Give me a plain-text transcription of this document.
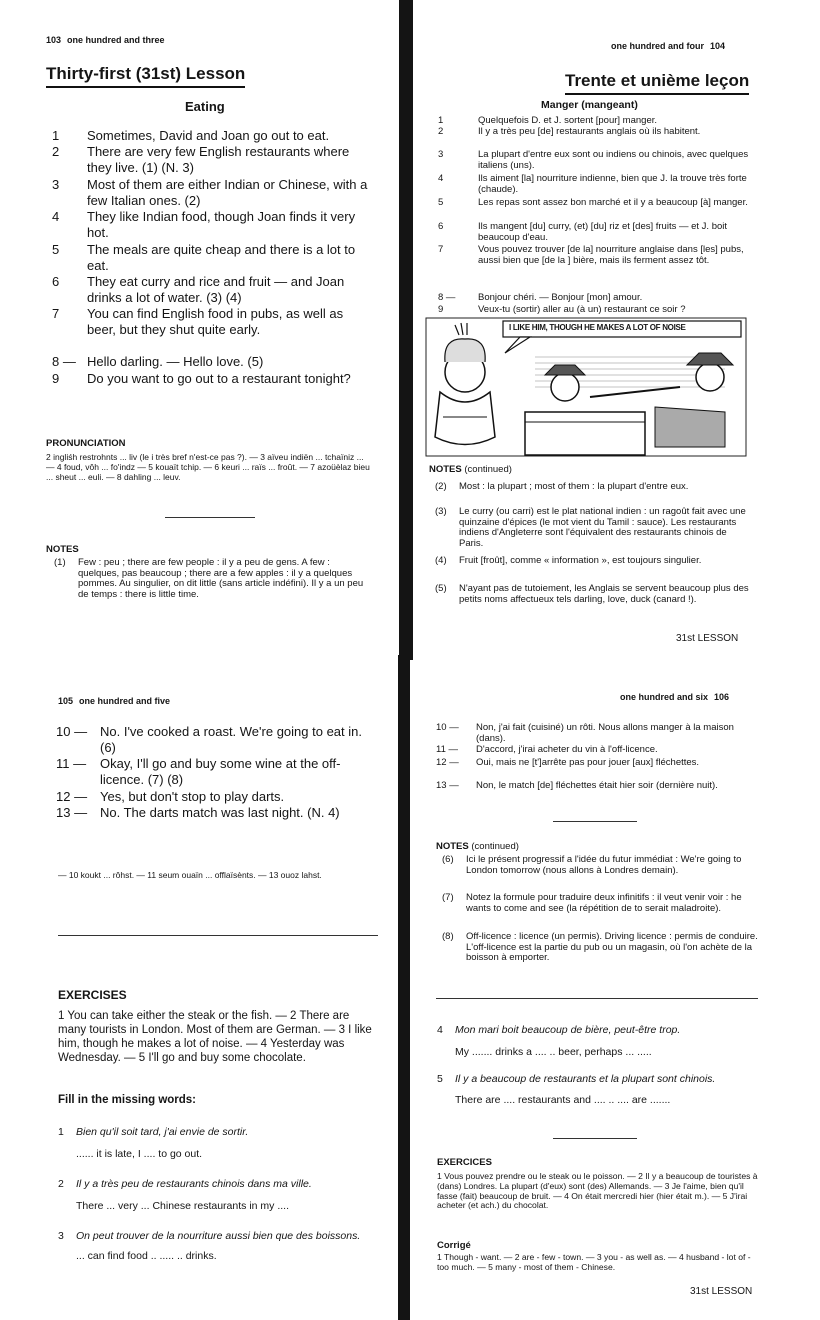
103 one hundred and three
Thirty-first (31st) Lesson
Eating
1 Sometimes, David and Joan go out to eat.
2 There are very few English restaurants where they live. (1) (N. 3)
3 Most of them are either Indian or Chinese, with a few Italian ones. (2)
4 They like Indian food, though Joan finds it very hot.
5 The meals are quite cheap and there is a lot to eat.
6 They eat curry and rice and fruit — and Joan drinks a lot of water. (3) (4)
7 You can find English food in pubs, as well as beer, but they shut quite early.
8 — Hello darling. — Hello love. (5)
9 Do you want to go out to a restaurant tonight?
PRONUNCIATION
2 ingliśh restrohnts ... liv (le i très bref n'est-ce pas ?). — 3 aïveu indiën ... tchaïniz ... — 4 foud, vôh ... fo'indz — 5 kouaït tchip. — 6 keuri ... raïs ... froût. — 7 azoüèlaz bieu ... sheut ... euli. — 8 dahling ... leuv.
NOTES
(1) Few : peu ; there are few people : il y a peu de gens. A few : quelques, pas beaucoup ; there are a few apples : il y a quelques pommes. Au singulier, on dit little (sans article indéfini). Il y a un peu de temps : there is little time.
one hundred and four 104
Trente et unième leçon
Manger (mangeant)
1	Quelquefois D. et J. sortent [pour] manger.
2	Il y a très peu [de] restaurants anglais où ils habitent.
3	La plupart d'entre eux sont ou indiens ou chinois, avec quelques italiens (uns).
4	Ils aiment [la] nourriture indienne, bien que J. la trouve très forte (chaude).
5	Les repas sont assez bon marché et il y a beaucoup [à] manger.
6	Ils mangent [du] curry, (et) [du] riz et [des] fruits — et J. boit beaucoup d'eau.
7	Vous pouvez trouver [de la] nourriture anglaise dans [les] pubs, aussi bien que [de la ] bière, mais ils ferment assez tôt.
8 — Bonjour chéri. — Bonjour [mon] amour.
9	Veux-tu (sortir) aller au (à un) restaurant ce soir ?
I LIKE HIM, THOUGH HE MAKES A LOT OF NOISE
NOTES (continued)
(2) Most : la plupart ; most of them : la plupart d'entre eux.
(3) Le curry (ou carri) est le plat national indien : un ragoût fait avec une quinzaine d'épices (le mot vient du Tamil : sauce). Les restaurants indiens d'Angleterre sont l'équivalent des restaurants chinois de Paris.
(4) Fruit [froût], comme « information », est toujours singulier.
(5) N'ayant pas de tutoiement, les Anglais se servent beaucoup plus des petits noms affectueux tels darling, love, duck (canard !).
31st LESSON
105 one hundred and five
10 — No. I've cooked a roast. We're going to eat in. (6)
11 — Okay, I'll go and buy some wine at the off-licence. (7) (8)
12 — Yes, but don't stop to play darts.
13 — No. The darts match was last night. (N. 4)
— 10 koukt ... rôhst. — 11 seum ouaïn ... offlaïsènts. — 13 ouoz lahst.
EXERCISES
1 You can take either the steak or the fish. — 2 There are many tourists in London. Most of them are German. — 3 I like him, though he makes a lot of noise. — 4 Yesterday was Wednesday. — 5 I'll go and buy some chocolate.
Fill in the missing words:
1 Bien qu'il soit tard, j'ai envie de sortir.
...... it is late, I .... to go out.
2 Il y a très peu de restaurants chinois dans ma ville.
There ... very ... Chinese restaurants in my ....
3 On peut trouver de la nourriture aussi bien que des boissons.
... can find food .. ..... .. drinks.
one hundred and six 106
10 — Non, j'ai fait (cuisiné) un rôti. Nous allons manger à la maison (dans).
11 — D'accord, j'irai acheter du vin à l'off-licence.
12 — Oui, mais ne [t']arrête pas pour jouer [aux] fléchettes.
13 — Non, le match [de] fléchettes était hier soir (dernière nuit).
NOTES (continued)
(6) Ici le présent progressif a l'idée du futur immédiat : We're going to London tomorrow (nous allons à Londres demain).
(7) Notez la formule pour traduire deux infinitifs : il veut venir voir : he wants to come and see (la répétition de to serait maladroite).
(8) Off-licence : licence (un permis). Driving licence : permis de conduire. L'off-licence est la partie du pub ou un magasin, où l'on achète de la boisson à emporter.
4 Mon mari boit beaucoup de bière, peut-être trop.
My ....... drinks a .... .. beer, perhaps ... .....
5 Il y a beaucoup de restaurants et la plupart sont chinois.
There are .... restaurants and .... .. .... are .......
EXERCICES
1 Vous pouvez prendre ou le steak ou le poisson. — 2 Il y a beaucoup de touristes à (dans) Londres. La plupart (d'eux) sont (des) Allemands. — 3 Je l'aime, bien qu'il fasse (fait) beaucoup de bruit. — 4 On était mercredi hier (hier était m.). — 5 J'irai acheter (et ach.) du chocolat.
Corrigé
1 Though - want. — 2 are - few - town. — 3 you - as well as. — 4 husband - lot of - too much. — 5 many - most of them - Chinese.
31st LESSON
